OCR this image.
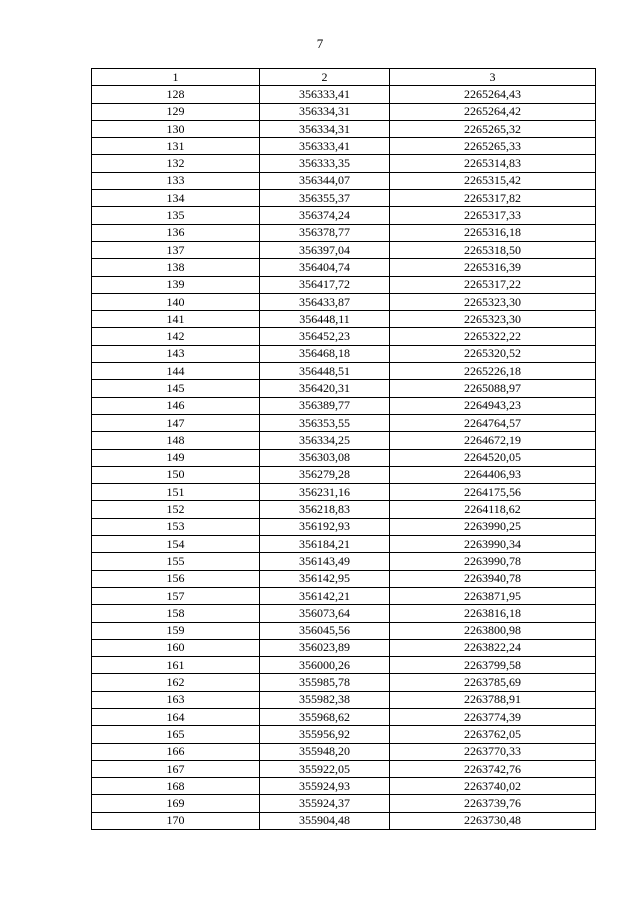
7
1	2	3
128	356333,41	2265264,43
129	356334,31	2265264,42
130	356334,31	2265265,32
131	356333,41	2265265,33
132	356333,35	2265314,83
133	356344,07	2265315,42
134	356355,37	2265317,82
135	356374,24	2265317,33
136	356378,77	2265316,18
137	356397,04	2265318,50
138	356404,74	2265316,39
139	356417,72	2265317,22
140	356433,87	2265323,30
141	356448,11	2265323,30
142	356452,23	2265322,22
143	356468,18	2265320,52
144	356448,51	2265226,18
145	356420,31	2265088,97
146	356389,77	2264943,23
147	356353,55	2264764,57
148	356334,25	2264672,19
149	356303,08	2264520,05
150	356279,28	2264406,93
151	356231,16	2264175,56
152	356218,83	2264118,62
153	356192,93	2263990,25
154	356184,21	2263990,34
155	356143,49	2263990,78
156	356142,95	2263940,78
157	356142,21	2263871,95
158	356073,64	2263816,18
159	356045,56	2263800,98
160	356023,89	2263822,24
161	356000,26	2263799,58
162	355985,78	2263785,69
163	355982,38	2263788,91
164	355968,62	2263774,39
165	355956,92	2263762,05
166	355948,20	2263770,33
167	355922,05	2263742,76
168	355924,93	2263740,02
169	355924,37	2263739,76
170	355904,48	2263730,48
